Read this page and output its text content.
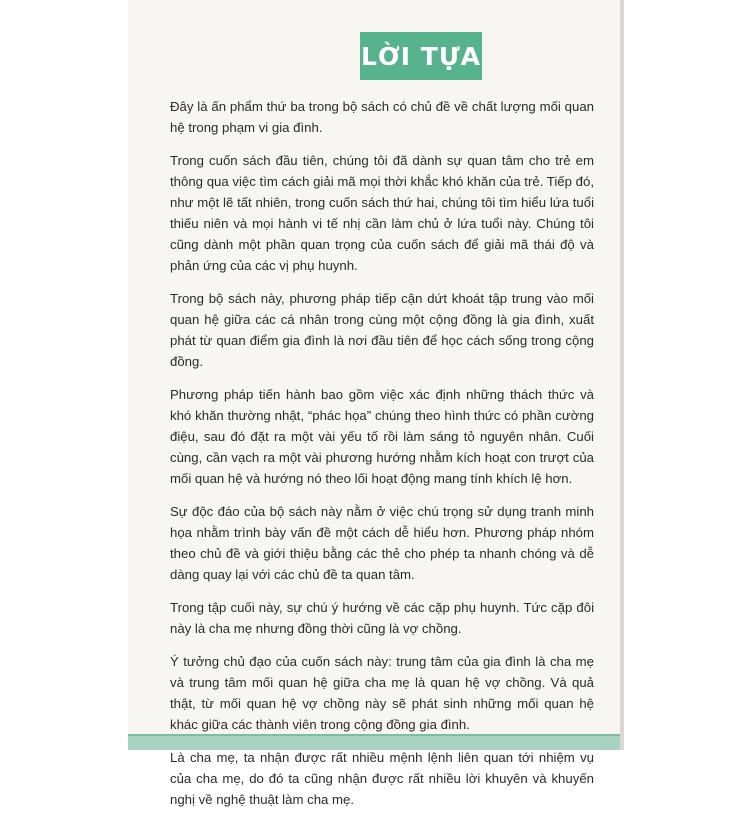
LỜI TỰA

Đây là ấn phẩm thứ ba trong bộ sách có chủ đề về chất lượng mối quan hệ trong phạm vi gia đình.

Trong cuốn sách đầu tiên, chúng tôi đã dành sự quan tâm cho trẻ em thông qua việc tìm cách giải mã mọi thời khắc khó khăn của trẻ. Tiếp đó, như một lẽ tất nhiên, trong cuốn sách thứ hai, chúng tôi tìm hiểu lứa tuổi thiếu niên và mọi hành vi tế nhị cần làm chủ ở lứa tuổi này. Chúng tôi cũng dành một phần quan trọng của cuốn sách để giải mã thái độ và phản ứng của các vị phụ huynh.

Trong bộ sách này, phương pháp tiếp cận dứt khoát tập trung vào mối quan hệ giữa các cá nhân trong cùng một cộng đồng là gia đình, xuất phát từ quan điểm gia đình là nơi đầu tiên để học cách sống trong cộng đồng.

Phương pháp tiến hành bao gồm việc xác định những thách thức và khó khăn thường nhật, “phác họa” chúng theo hình thức có phần cường điệu, sau đó đặt ra một vài yếu tố rồi làm sáng tỏ nguyên nhân. Cuối cùng, cần vạch ra một vài phương hướng nhằm kích hoạt con trượt của mối quan hệ và hướng nó theo lối hoạt động mang tính khích lệ hơn.

Sự độc đáo của bộ sách này nằm ở việc chú trọng sử dụng tranh minh họa nhằm trình bày vấn đề một cách dễ hiểu hơn. Phương pháp nhóm theo chủ đề và giới thiệu bằng các thẻ cho phép ta nhanh chóng và dễ dàng quay lại với các chủ đề ta quan tâm.

Trong tập cuối này, sự chú ý hướng về các cặp phụ huynh. Tức cặp đôi này là cha mẹ nhưng đồng thời cũng là vợ chồng.

Ý tưởng chủ đạo của cuốn sách này: trung tâm của gia đình là cha mẹ và trung tâm mối quan hệ giữa cha mẹ là quan hệ vợ chồng. Và quả thật, từ mối quan hệ vợ chồng này sẽ phát sinh những mối quan hệ khác giữa các thành viên trong cộng đồng gia đình.

Là cha mẹ, ta nhận được rất nhiều mệnh lệnh liên quan tới nhiệm vụ của cha mẹ, do đó ta cũng nhận được rất nhiều lời khuyên và khuyến nghị về nghệ thuật làm cha mẹ.
